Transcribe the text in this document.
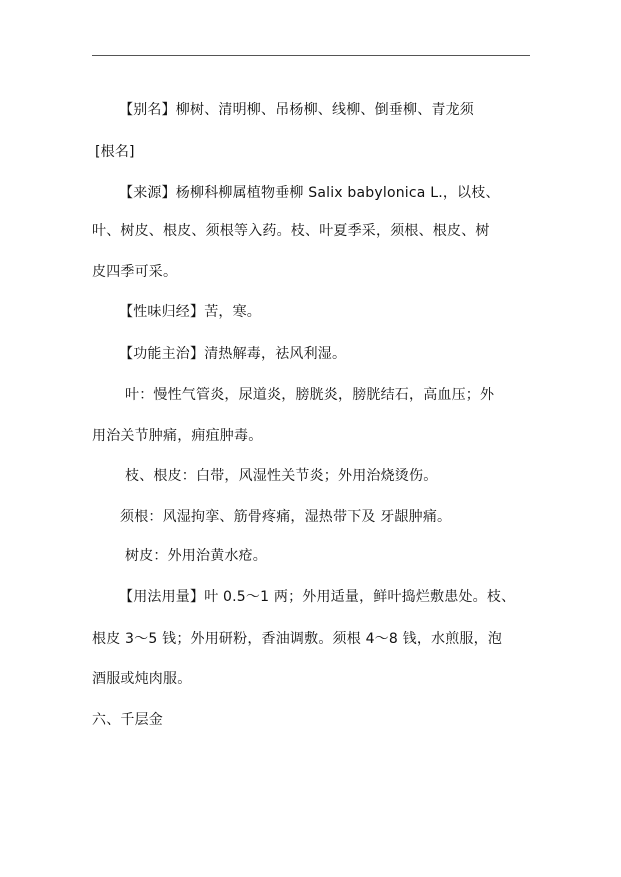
【别名】柳树、清明柳、吊杨柳、线柳、倒垂柳、青龙须
[根名]
【来源】杨柳科柳属植物垂柳 Salix babylonica L.，以枝、
叶、树皮、根皮、须根等入药。枝、叶夏季采，须根、根皮、树
皮四季可采。
【性味归经】苦，寒。
【功能主治】清热解毒，祛风利湿。
叶：慢性气管炎，尿道炎，膀胱炎，膀胱结石，高血压；外
用治关节肿痛，痈疽肿毒。
枝、根皮：白带，风湿性关节炎；外用治烧烫伤。
须根：风湿拘挛、筋骨疼痛，湿热带下及 牙龈肿痛。
树皮：外用治黄水疮。
【用法用量】叶 0.5～1 两；外用适量，鲜叶捣烂敷患处。枝、
根皮 3～5 钱；外用研粉，香油调敷。须根 4～8 钱，水煎服，泡
酒服或炖肉服。
六、千层金
